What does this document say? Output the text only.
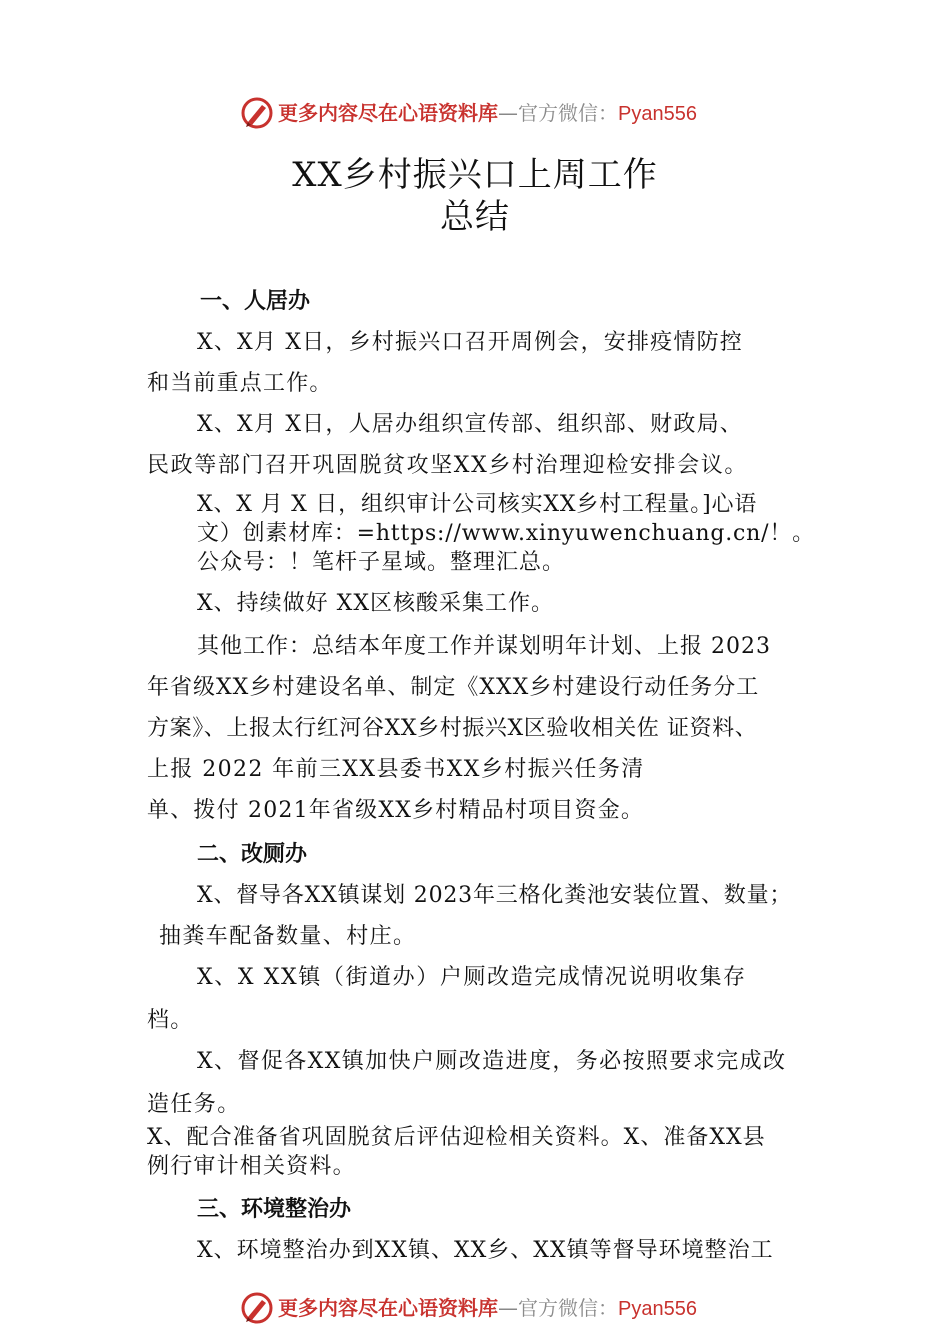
更多内容尽在心语资料库—官方微信：Pyan556
XX乡村振兴口上周工作
总结
一、人居办
X、X月 X日，乡村振兴口召开周例会，安排疫情防控
和当前重点工作。
X、X月 X日，人居办组织宣传部、组织部、财政局、
民政等部门召开巩固脱贫攻坚XX乡村治理迎检安排会议。
X、X 月 X 日，组织审计公司核实XX乡村工程量。]心语
文）创素材库：=https://www.xinyuwenchuang.cn/！。
公众号：！笔杆子星域。整理汇总。
X、持续做好 XX区核酸采集工作。
其他工作：总结本年度工作并谋划明年计划、上报 2023
年省级XX乡村建设名单、制定《XXX乡村建设行动任务分工
方案》、上报太行红河谷XX乡村振兴X区验收相关佐 证资料、
上报 2022 年前三XX县委书XX乡村振兴任务清
单、拨付 2021年省级XX乡村精品村项目资金。
二、改厕办
X、督导各XX镇谋划 2023年三格化粪池安装位置、数量；
抽粪车配备数量、村庄。
X、X XX镇（街道办）户厕改造完成情况说明收集存
档。
X、督促各XX镇加快户厕改造进度，务必按照要求完成改
造任务。
X、配合准备省巩固脱贫后评估迎检相关资料。X、准备XX县
例行审计相关资料。
三、环境整治办
X、环境整治办到XX镇、XX乡、XX镇等督导环境整治工
更多内容尽在心语资料库—官方微信：Pyan556
